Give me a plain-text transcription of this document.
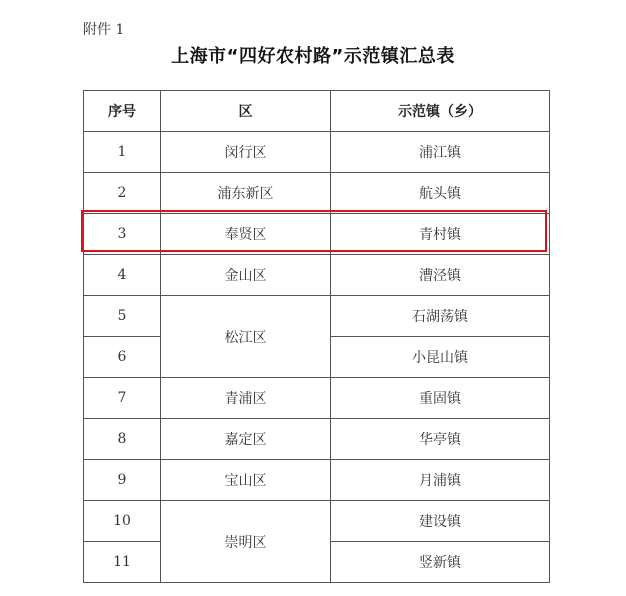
附件 1
上海市“四好农村路”示范镇汇总表
序号	区	示范镇（乡）
1	闵行区	浦江镇
2	浦东新区	航头镇
3	奉贤区	青村镇
4	金山区	漕泾镇
5	松江区	石湖荡镇
6		小昆山镇
7	青浦区	重固镇
8	嘉定区	华亭镇
9	宝山区	月浦镇
10	崇明区	建设镇
11		竖新镇
